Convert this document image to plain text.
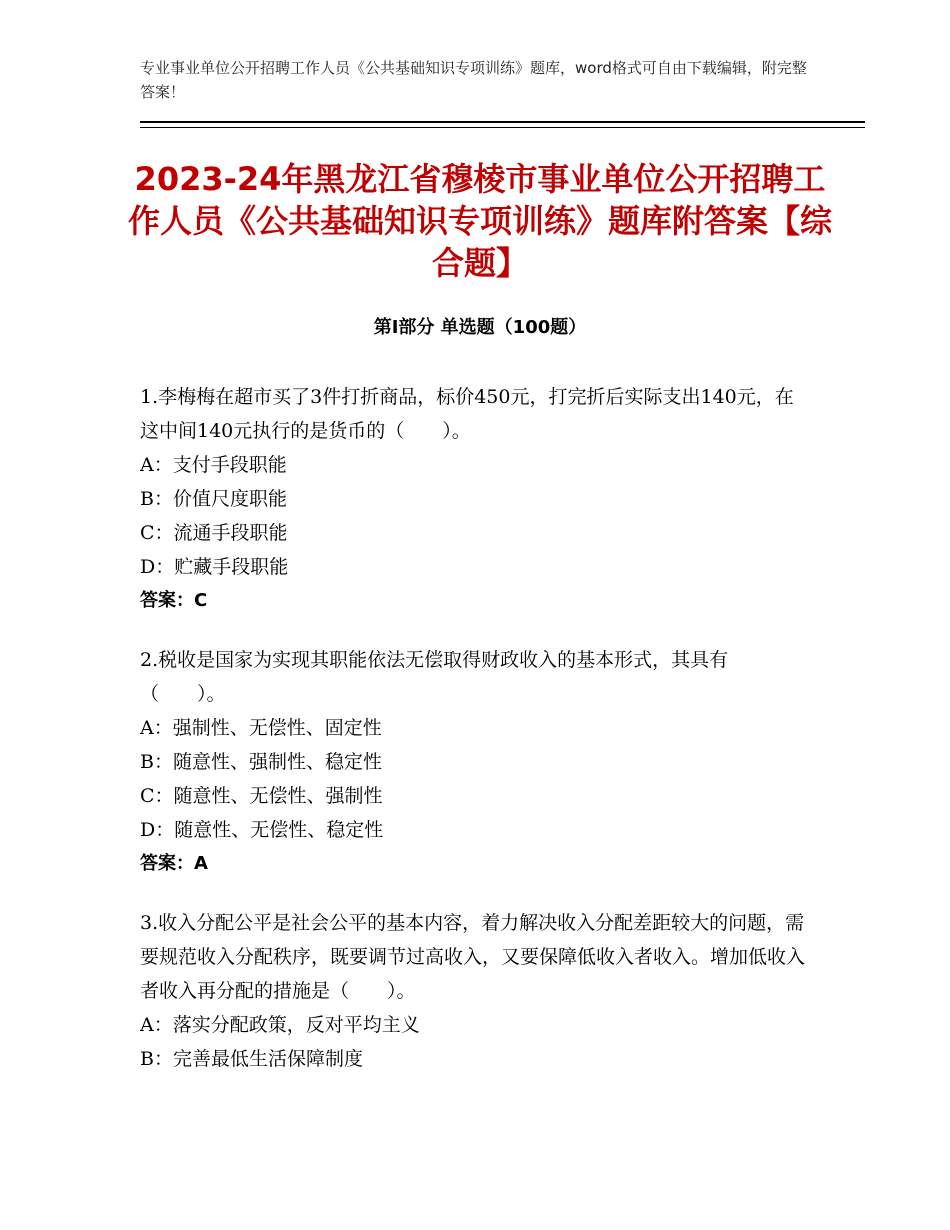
专业事业单位公开招聘工作人员《公共基础知识专项训练》题库，word格式可自由下载编辑，附完整答案！
2023-24年黑龙江省穆棱市事业单位公开招聘工作人员《公共基础知识专项训练》题库附答案【综合题】
第Ⅰ部分 单选题（100题）
1.李梅梅在超市买了3件打折商品，标价450元，打完折后实际支出140元，在这中间140元执行的是货币的（　　）。
A：支付手段职能
B：价值尺度职能
C：流通手段职能
D：贮藏手段职能
答案：C
2.税收是国家为实现其职能依法无偿取得财政收入的基本形式，其具有（　　）。
A：强制性、无偿性、固定性
B：随意性、强制性、稳定性
C：随意性、无偿性、强制性
D：随意性、无偿性、稳定性
答案：A
3.收入分配公平是社会公平的基本内容，着力解决收入分配差距较大的问题，需要规范收入分配秩序，既要调节过高收入，又要保障低收入者收入。增加低收入者收入再分配的措施是（　　）。
A：落实分配政策，反对平均主义
B：完善最低生活保障制度
